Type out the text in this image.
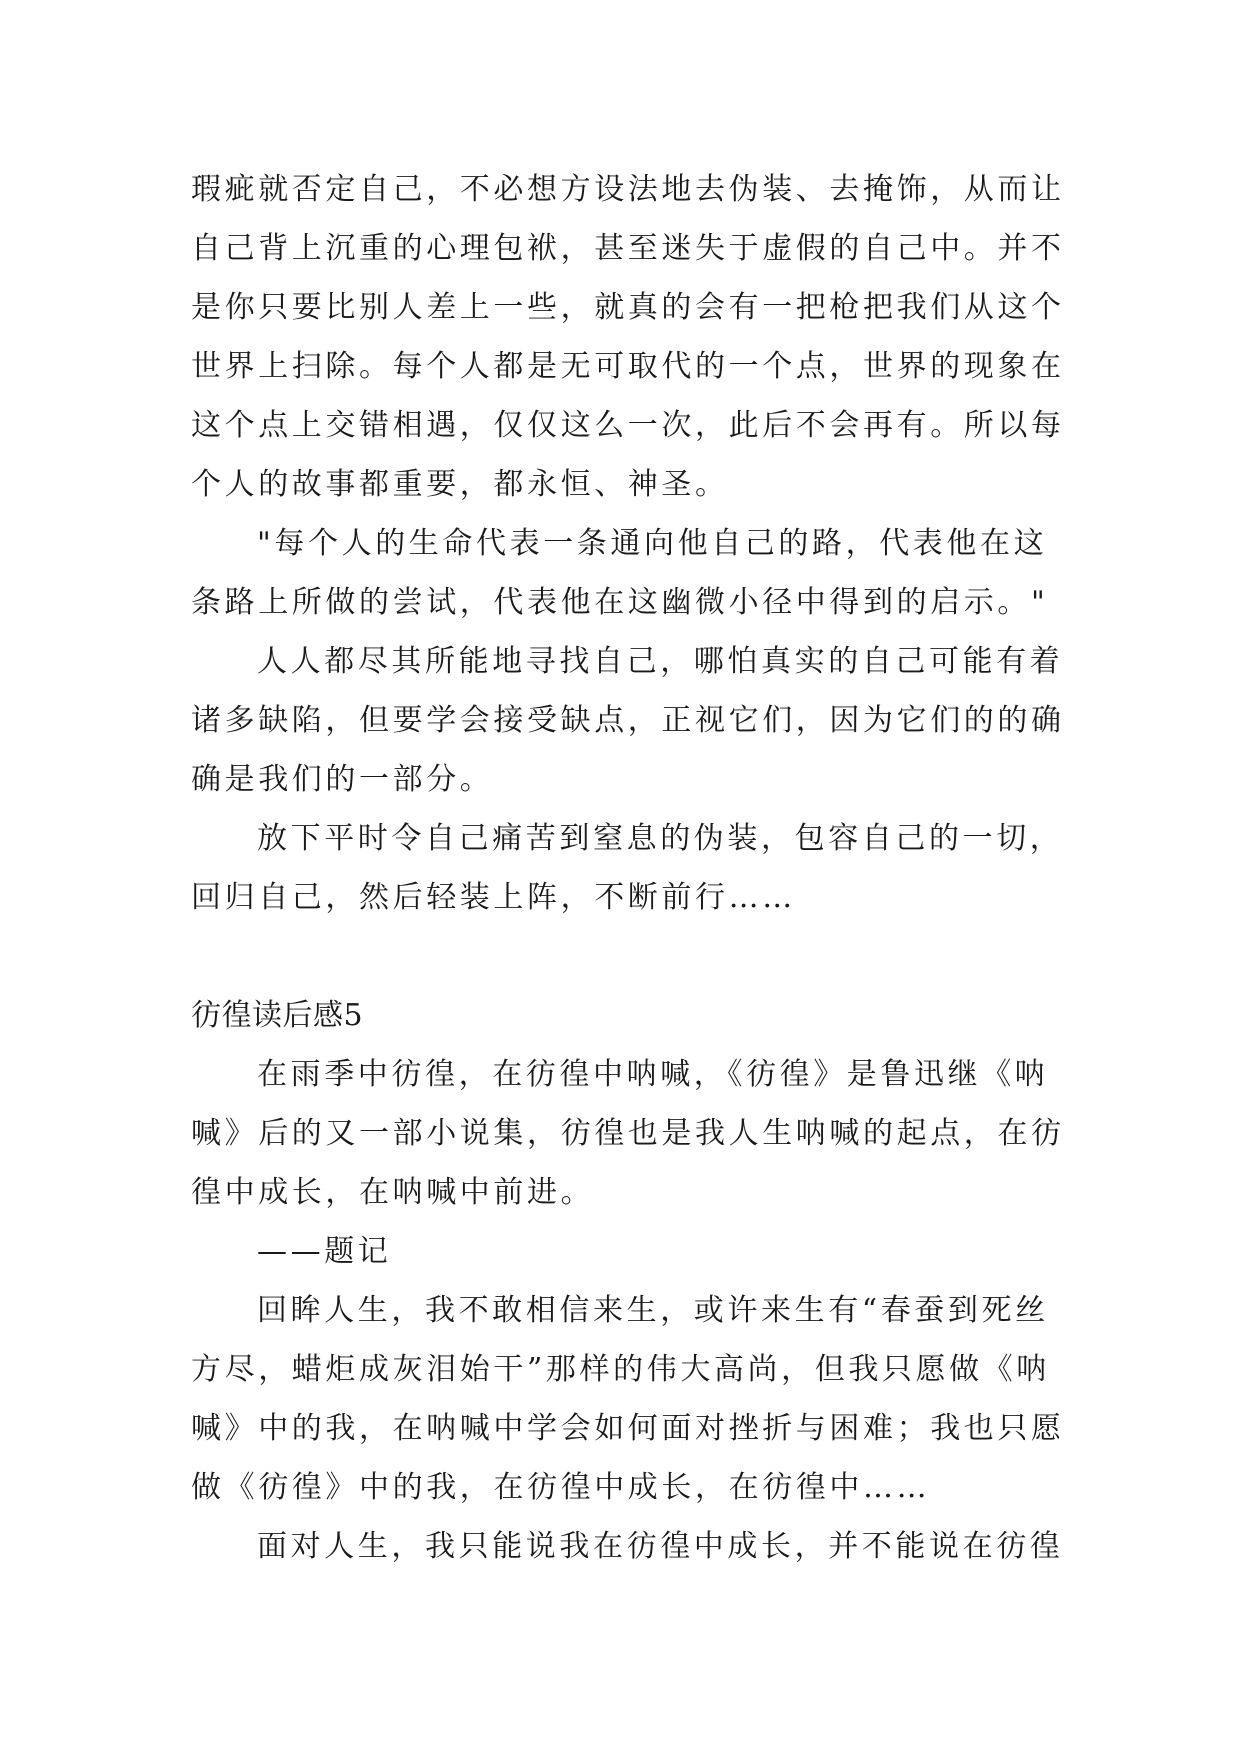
瑕疵就否定自己，不必想方设法地去伪装、去掩饰，从而让
自己背上沉重的心理包袱，甚至迷失于虚假的自己中。并不
是你只要比别人差上一些，就真的会有一把枪把我们从这个
世界上扫除。每个人都是无可取代的一个点，世界的现象在
这个点上交错相遇，仅仅这么一次，此后不会再有。所以每
个人的故事都重要，都永恒、神圣。
"每个人的生命代表一条通向他自己的路，代表他在这
条路上所做的尝试，代表他在这幽微小径中得到的启示。"
人人都尽其所能地寻找自己，哪怕真实的自己可能有着
诸多缺陷，但要学会接受缺点，正视它们，因为它们的的确
确是我们的一部分。
放下平时令自己痛苦到窒息的伪装，包容自己的一切，
回归自己，然后轻装上阵，不断前行……
彷徨读后感5
在雨季中彷徨，在彷徨中呐喊，《彷徨》是鲁迅继《呐
喊》后的又一部小说集，彷徨也是我人生呐喊的起点，在彷
徨中成长，在呐喊中前进。
——题记
回眸人生，我不敢相信来生，或许来生有“春蚕到死丝
方尽，蜡炬成灰泪始干”那样的伟大高尚，但我只愿做《呐
喊》中的我，在呐喊中学会如何面对挫折与困难；我也只愿
做《彷徨》中的我，在彷徨中成长，在彷徨中……
面对人生，我只能说我在彷徨中成长，并不能说在彷徨
